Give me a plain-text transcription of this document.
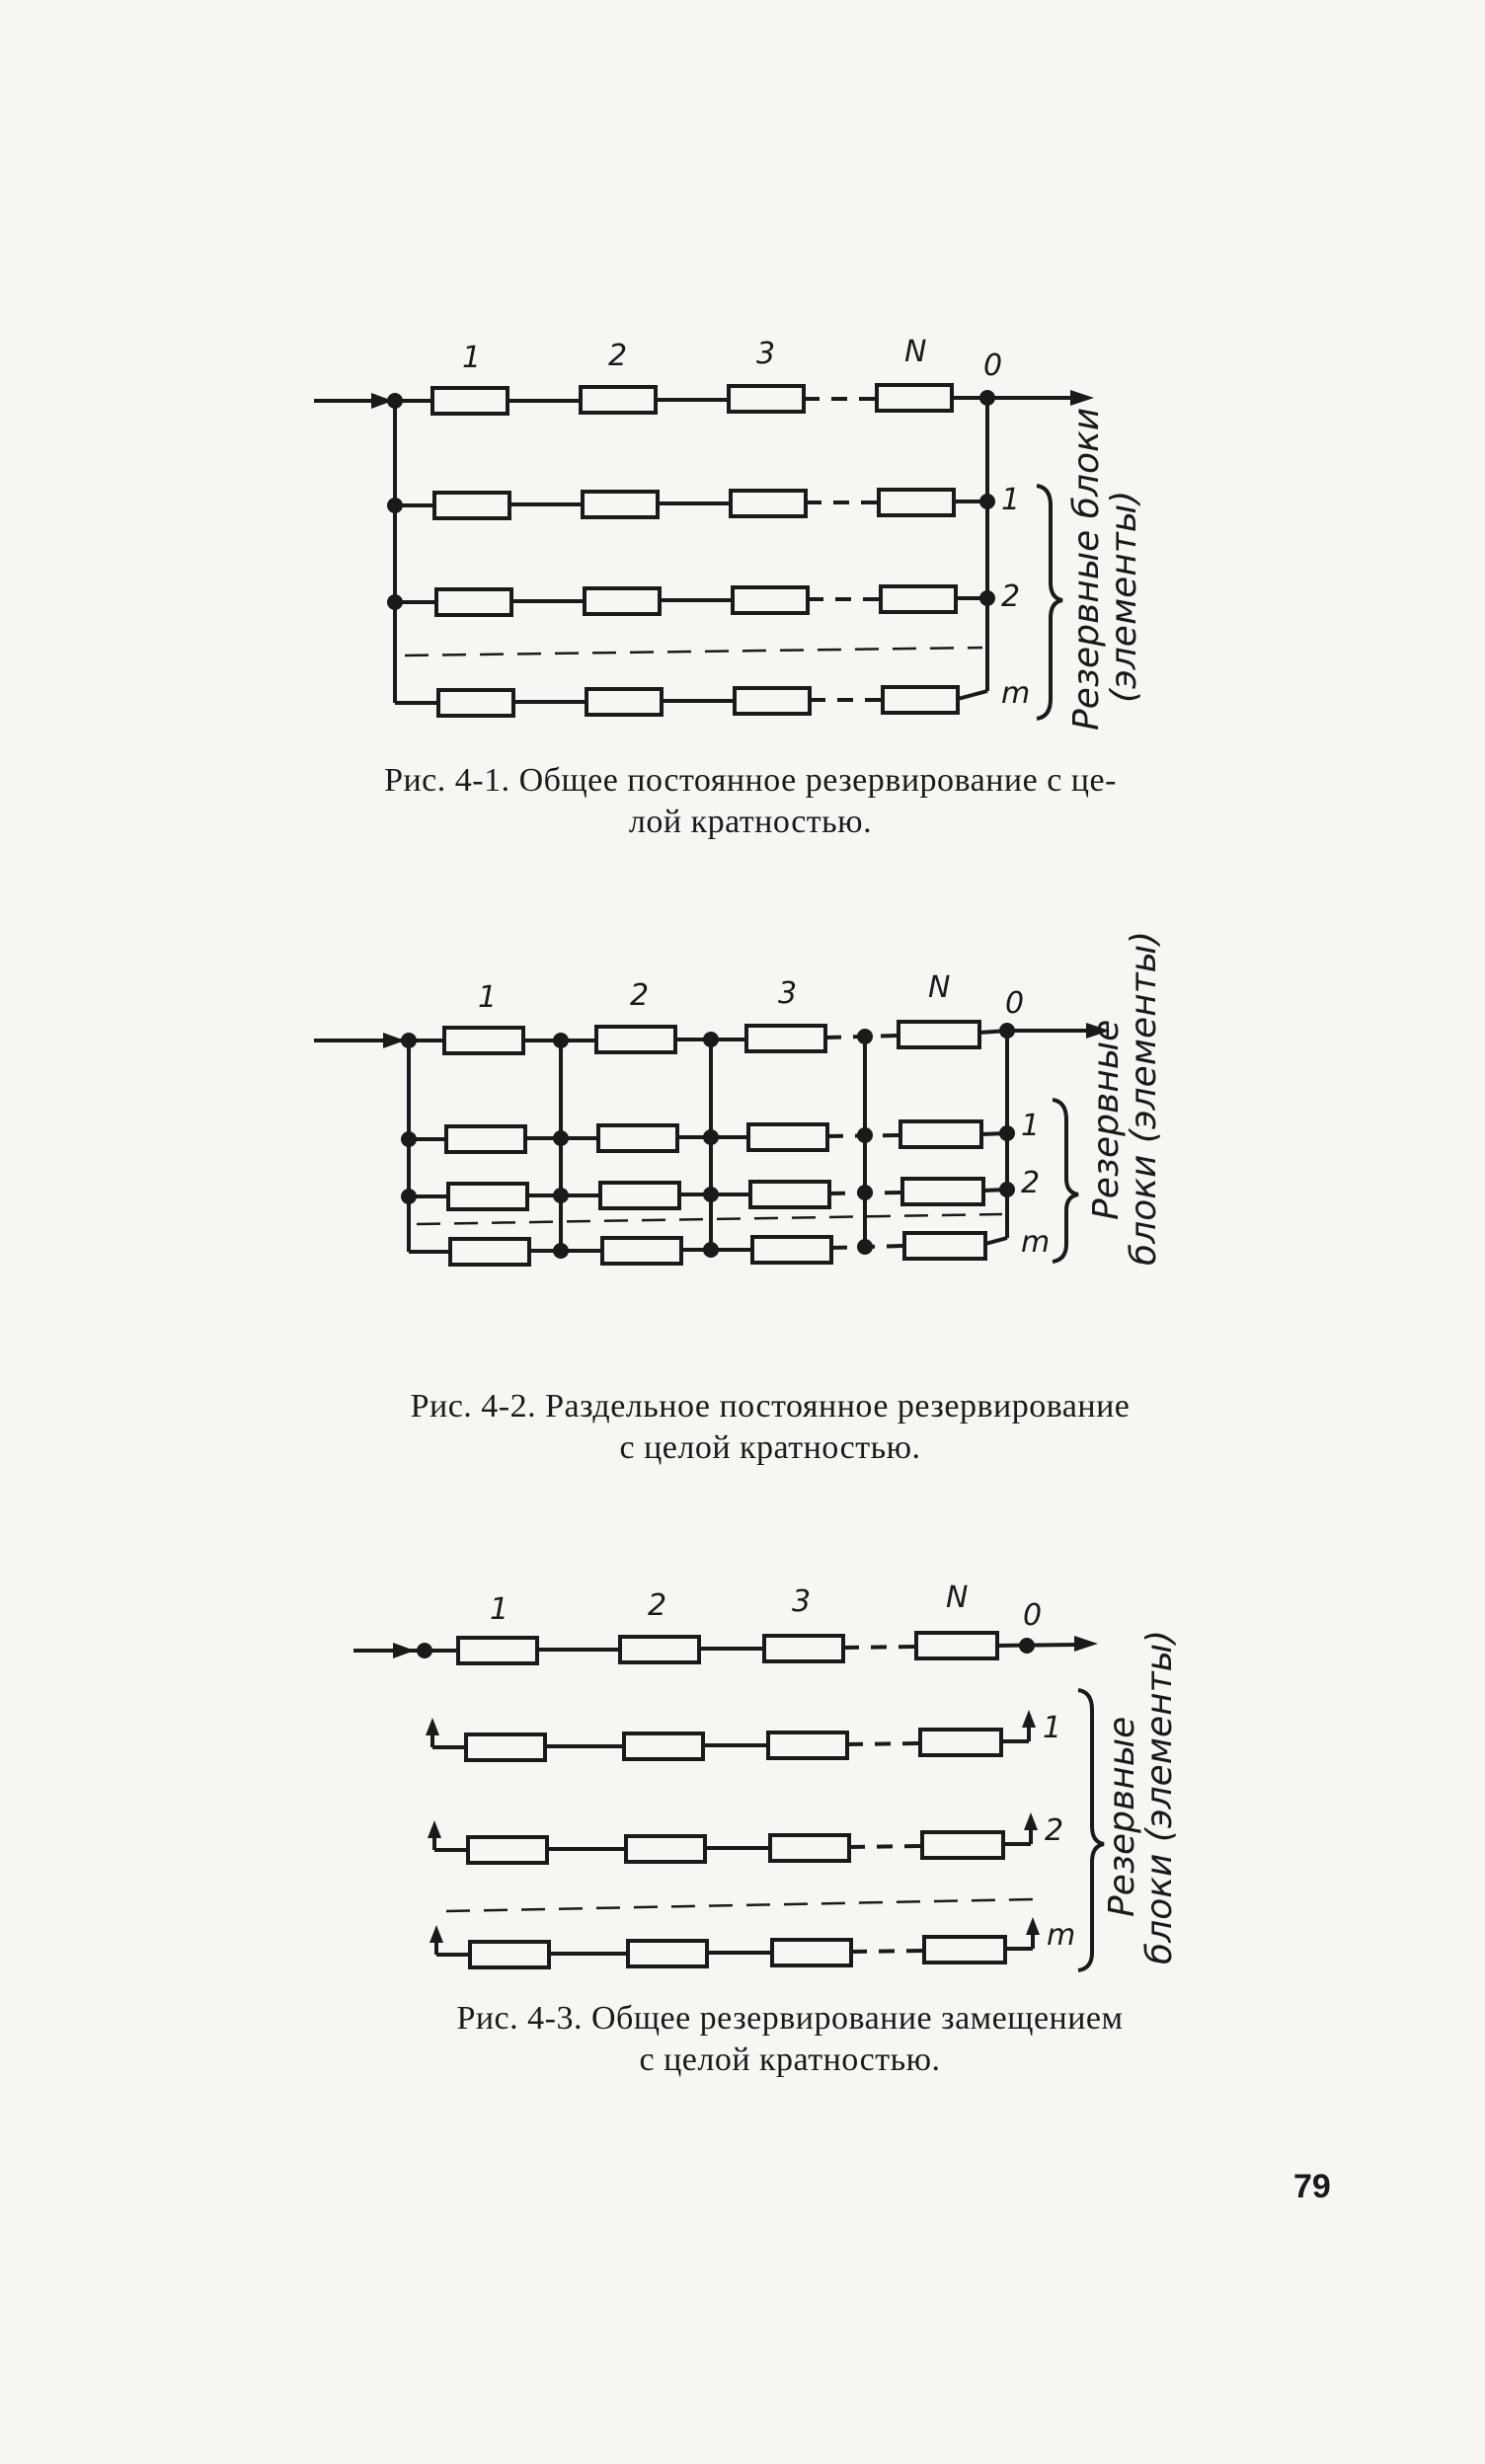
1	2	3	N 0
1
2
m Резервные блоки
(элементы)
Рис. 4-1. Общее постоянное резервирование с це-
лой кратностью.
1	2	3	N 0
1
2
m
Резервные
блоки (элементы)
Рис. 4-2. Раздельное постоянное резервирование
с целой кратностью.
1	2	3	N
0
1
2
m
Резервные
блоки (элементы)
Рис. 4-3. Общее резервирование замещением
с целой кратностью.
79
